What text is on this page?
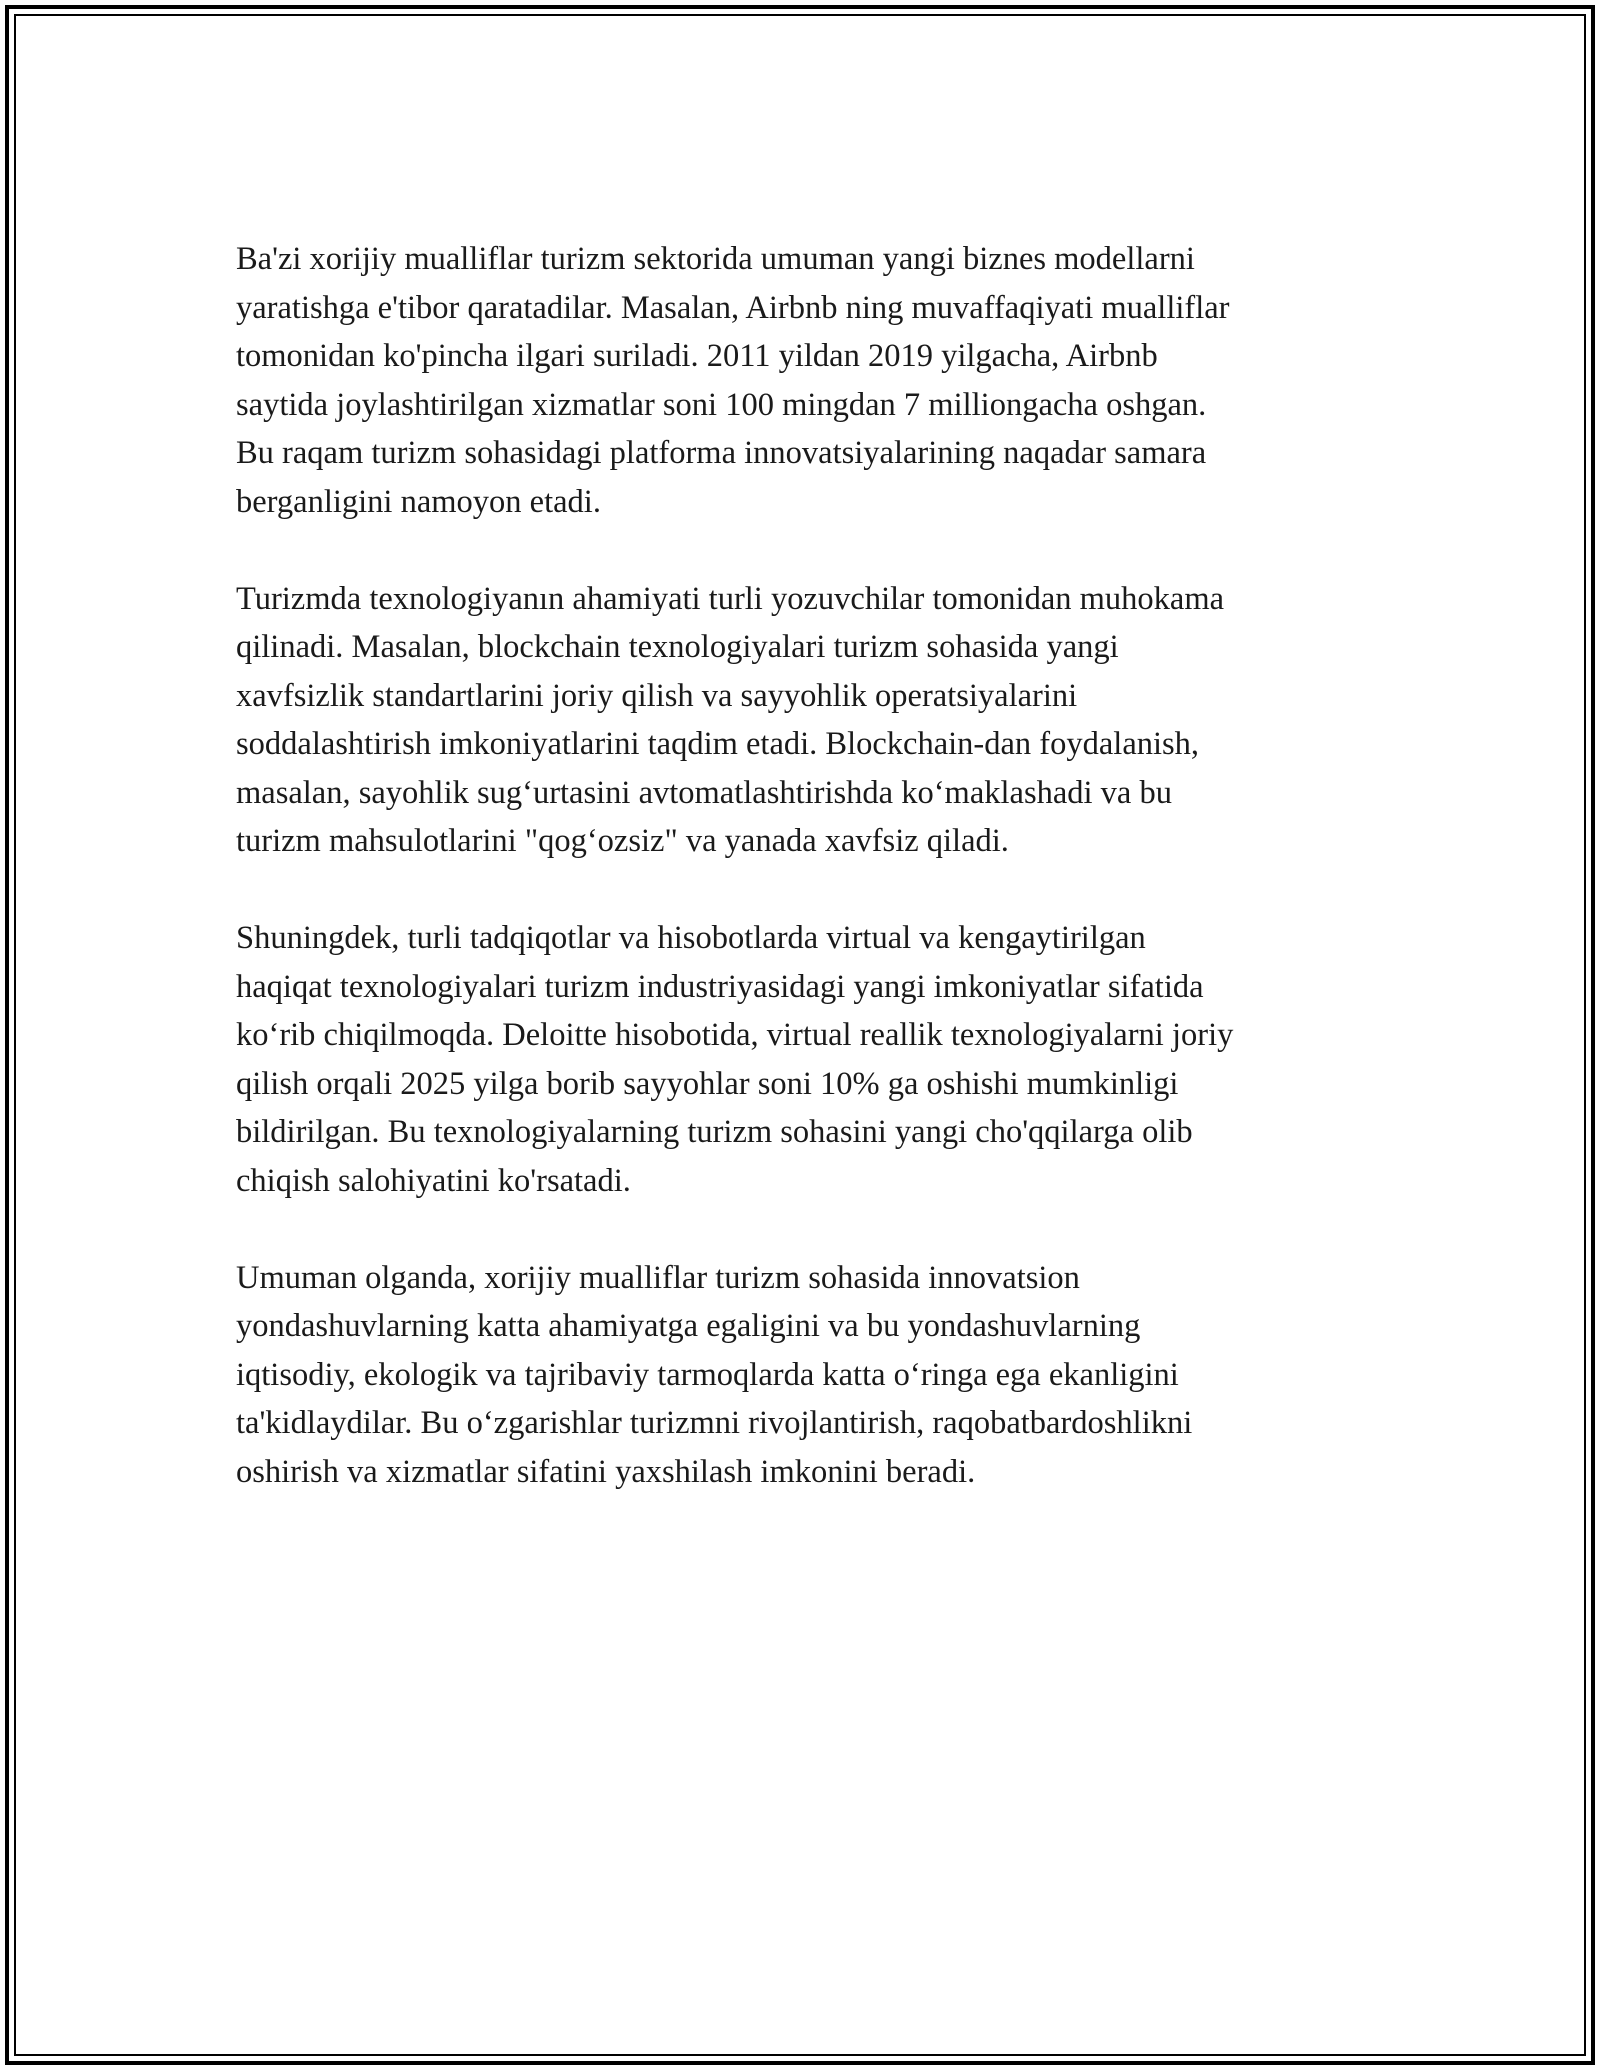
Ba'zi xorijiy mualliflar turizm sektorida umuman yangi biznes modellarni
yaratishga e'tibor qaratadilar. Masalan, Airbnb ning muvaffaqiyati mualliflar
tomonidan ko'pincha ilgari suriladi. 2011 yildan 2019 yilgacha, Airbnb
saytida joylashtirilgan xizmatlar soni 100 mingdan 7 milliongacha oshgan.
Bu raqam turizm sohasidagi platforma innovatsiyalarining naqadar samara
berganligini namoyon etadi.

Turizmda texnologiyanın ahamiyati turli yozuvchilar tomonidan muhokama
qilinadi. Masalan, blockchain texnologiyalari turizm sohasida yangi
xavfsizlik standartlarini joriy qilish va sayyohlik operatsiyalarini
soddalashtirish imkoniyatlarini taqdim etadi. Blockchain-dan foydalanish,
masalan, sayohlik sug‘urtasini avtomatlashtirishda ko‘maklashadi va bu
turizm mahsulotlarini "qog‘ozsiz" va yanada xavfsiz qiladi.

Shuningdek, turli tadqiqotlar va hisobotlarda virtual va kengaytirilgan
haqiqat texnologiyalari turizm industriyasidagi yangi imkoniyatlar sifatida
ko‘rib chiqilmoqda. Deloitte hisobotida, virtual reallik texnologiyalarni joriy
qilish orqali 2025 yilga borib sayyohlar soni 10% ga oshishi mumkinligi
bildirilgan. Bu texnologiyalarning turizm sohasini yangi cho'qqilarga olib
chiqish salohiyatini ko'rsatadi.

Umuman olganda, xorijiy mualliflar turizm sohasida innovatsion
yondashuvlarning katta ahamiyatga egaligini va bu yondashuvlarning
iqtisodiy, ekologik va tajribaviy tarmoqlarda katta o‘ringa ega ekanligini
ta'kidlaydilar. Bu o‘zgarishlar turizmni rivojlantirish, raqobatbardoshlikni
oshirish va xizmatlar sifatini yaxshilash imkonini beradi.
